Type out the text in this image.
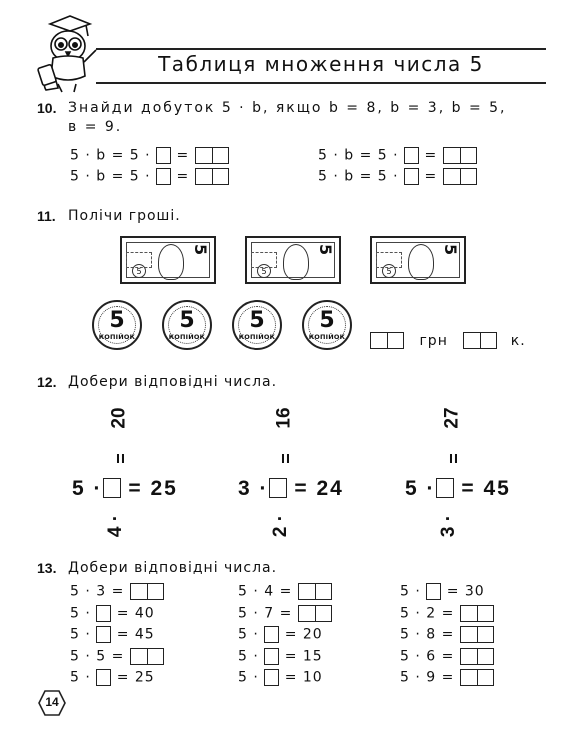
Таблиця множення числа 5
10. Знайди добуток 5 · b, якщо b = 8, b = 3, b = 5,
в = 9.
5 · b = 5 · =
5 · b = 5 · =
5 · b = 5 · =
5 · b = 5 · =
11. Полічи гроші.
5
5
5
5
5
5
5
КОПІЙОК
5
КОПІЙОК
5
КОПІЙОК
5
КОПІЙОК	грн	к.
12. Добери відповідні числа.
20
=
5 · = 25
4 ·
16
=
3 · = 24
2 ·
27
=
5 · = 45
3 ·
13. Добери відповідні числа.
5 · 3 =
5 · = 40
5 · = 45
5 · 5 =
5 · = 25
5 · 4 =
5 · 7 =
5 · = 20
5 · = 15
5 · = 10
5 · = 30
5 · 2 =
5 · 8 =
5 · 6 =
5 · 9 =
14
